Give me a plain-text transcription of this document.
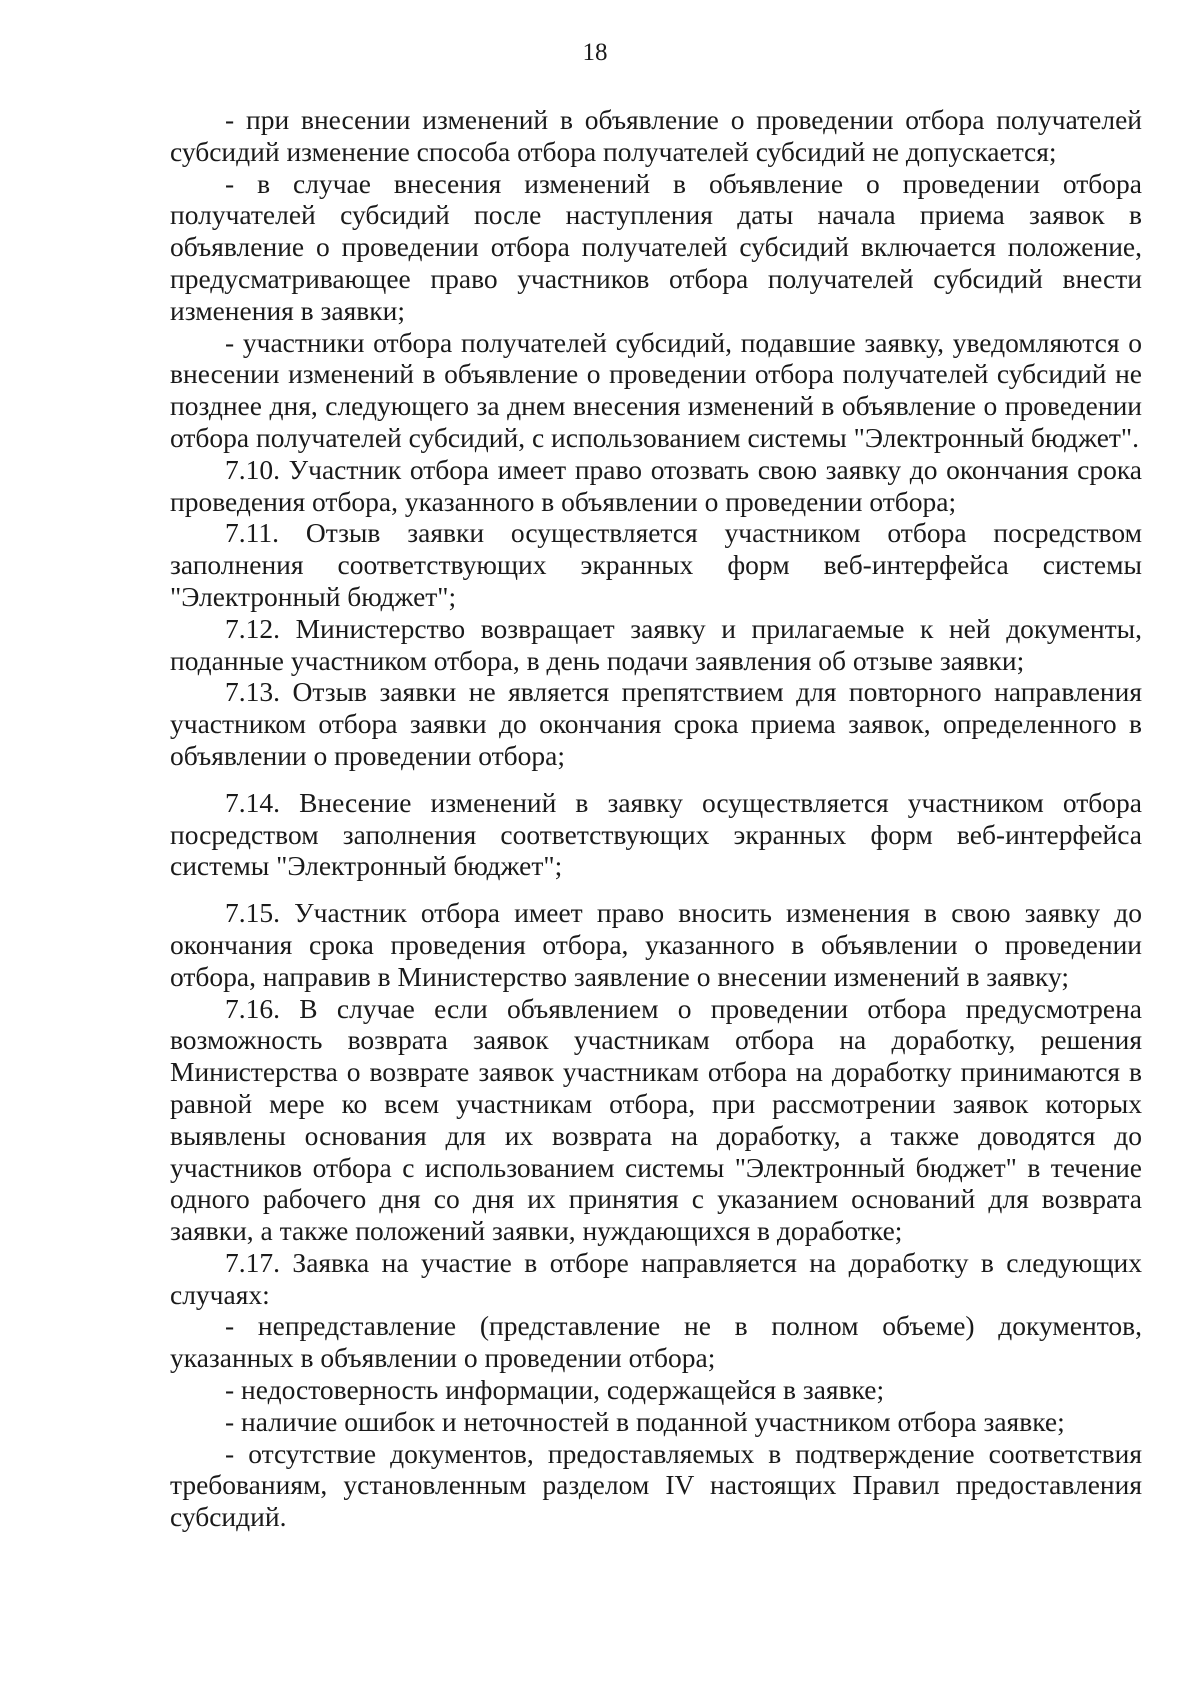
18

- при внесении изменений в объявление о проведении отбора получателей субсидий изменение способа отбора получателей субсидий не допускается;

- в случае внесения изменений в объявление о проведении отбора получателей субсидий после наступления даты начала приема заявок в объявление о проведении отбора получателей субсидий включается положение, предусматривающее право участников отбора получателей субсидий внести изменения в заявки;

- участники отбора получателей субсидий, подавшие заявку, уведомляются о внесении изменений в объявление о проведении отбора получателей субсидий не позднее дня, следующего за днем внесения изменений в объявление о проведении отбора получателей субсидий, с использованием системы "Электронный бюджет".

7.10. Участник отбора имеет право отозвать свою заявку до окончания срока проведения отбора, указанного в объявлении о проведении отбора;

7.11. Отзыв заявки осуществляется участником отбора посредством заполнения соответствующих экранных форм веб-интерфейса системы "Электронный бюджет";

7.12. Министерство возвращает заявку и прилагаемые к ней документы, поданные участником отбора, в день подачи заявления об отзыве заявки;

7.13. Отзыв заявки не является препятствием для повторного направления участником отбора заявки до окончания срока приема заявок, определенного в объявлении о проведении отбора;

7.14. Внесение изменений в заявку осуществляется участником отбора посредством заполнения соответствующих экранных форм веб-интерфейса системы "Электронный бюджет";

7.15. Участник отбора имеет право вносить изменения в свою заявку до окончания срока проведения отбора, указанного в объявлении о проведении отбора, направив в Министерство заявление о внесении изменений в заявку;

7.16. В случае если объявлением о проведении отбора предусмотрена возможность возврата заявок участникам отбора на доработку, решения Министерства о возврате заявок участникам отбора на доработку принимаются в равной мере ко всем участникам отбора, при рассмотрении заявок которых выявлены основания для их возврата на доработку, а также доводятся до участников отбора с использованием системы "Электронный бюджет" в течение одного рабочего дня со дня их принятия с указанием оснований для возврата заявки, а также положений заявки, нуждающихся в доработке;

7.17. Заявка на участие в отборе направляется на доработку в следующих случаях:

- непредставление (представление не в полном объеме) документов, указанных в объявлении о проведении отбора;

- недостоверность информации, содержащейся в заявке;

- наличие ошибок и неточностей в поданной участником отбора заявке;

- отсутствие документов, предоставляемых в подтверждение соответствия требованиям, установленным разделом IV настоящих Правил предоставления субсидий.
